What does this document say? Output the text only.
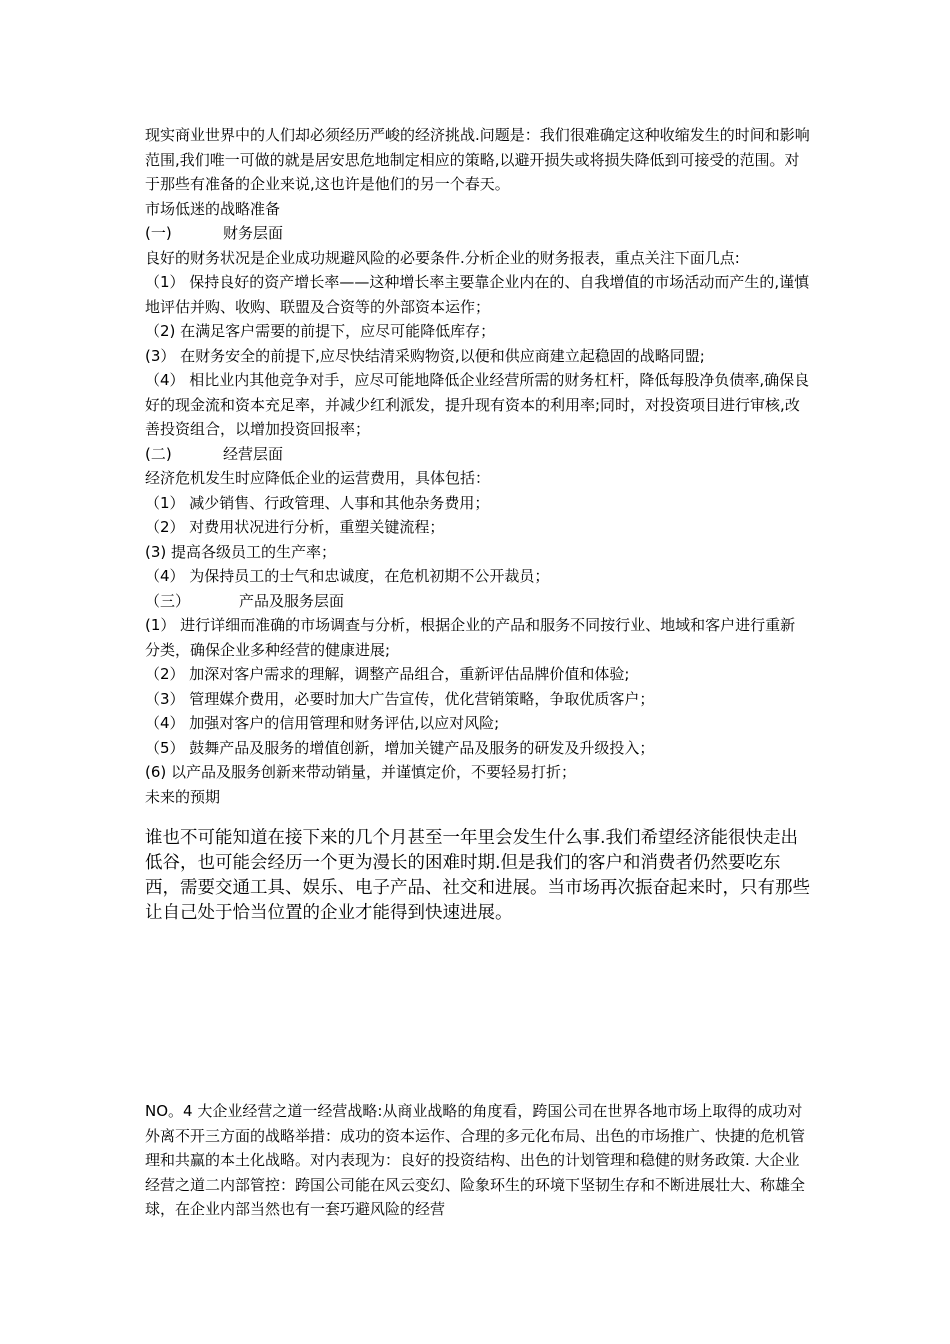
现实商业世界中的人们却必须经历严峻的经济挑战.问题是：我们很难确定这种收缩发生的时间和影响范围,我们唯一可做的就是居安思危地制定相应的策略,以避开损失或将损失降低到可接受的范围。对于那些有准备的企业来说,这也许是他们的另一个春天。

市场低迷的战略准备

(一)	财务层面

良好的财务状况是企业成功规避风险的必要条件.分析企业的财务报表，重点关注下面几点:

（1） 保持良好的资产增长率——这种增长率主要靠企业内在的、自我增值的市场活动而产生的,谨慎地评估并购、收购、联盟及合资等的外部资本运作；

（2) 在满足客户需要的前提下，应尽可能降低库存；

(3） 在财务安全的前提下,应尽快结清采购物资,以便和供应商建立起稳固的战略同盟;

（4） 相比业内其他竞争对手，应尽可能地降低企业经营所需的财务杠杆，降低每股净负债率,确保良好的现金流和资本充足率，并减少红利派发，提升现有资本的利用率;同时，对投资项目进行审核,改善投资组合，以增加投资回报率；

(二)	经营层面

经济危机发生时应降低企业的运营费用，具体包括：

（1） 减少销售、行政管理、人事和其他杂务费用；

（2） 对费用状况进行分析，重塑关键流程；

(3) 提高各级员工的生产率；

（4） 为保持员工的士气和忠诚度，在危机初期不公开裁员；

（三）	产品及服务层面

(1） 进行详细而准确的市场调查与分析，根据企业的产品和服务不同按行业、地域和客户进行重新分类，确保企业多种经营的健康进展;

（2） 加深对客户需求的理解，调整产品组合，重新评估品牌价值和体验;

（3） 管理媒介费用，必要时加大广告宣传，优化营销策略，争取优质客户；

（4） 加强对客户的信用管理和财务评估,以应对风险;

（5） 鼓舞产品及服务的增值创新，增加关键产品及服务的研发及升级投入；

(6) 以产品及服务创新来带动销量，并谨慎定价，不要轻易打折；

未来的预期

谁也不可能知道在接下来的几个月甚至一年里会发生什么事.我们希望经济能很快走出低谷，也可能会经历一个更为漫长的困难时期.但是我们的客户和消费者仍然要吃东西，需要交通工具、娱乐、电子产品、社交和进展。当市场再次振奋起来时，只有那些让自己处于恰当位置的企业才能得到快速进展。

NO。4 大企业经营之道一经营战略:从商业战略的角度看，跨国公司在世界各地市场上取得的成功对外离不开三方面的战略举措：成功的资本运作、合理的多元化布局、出色的市场推广、快捷的危机管理和共赢的本土化战略。对内表现为：良好的投资结构、出色的计划管理和稳健的财务政策. 大企业经营之道二内部管控：跨国公司能在风云变幻、险象环生的环境下坚韧生存和不断进展壮大、称雄全球，在企业内部当然也有一套巧避风险的经营
